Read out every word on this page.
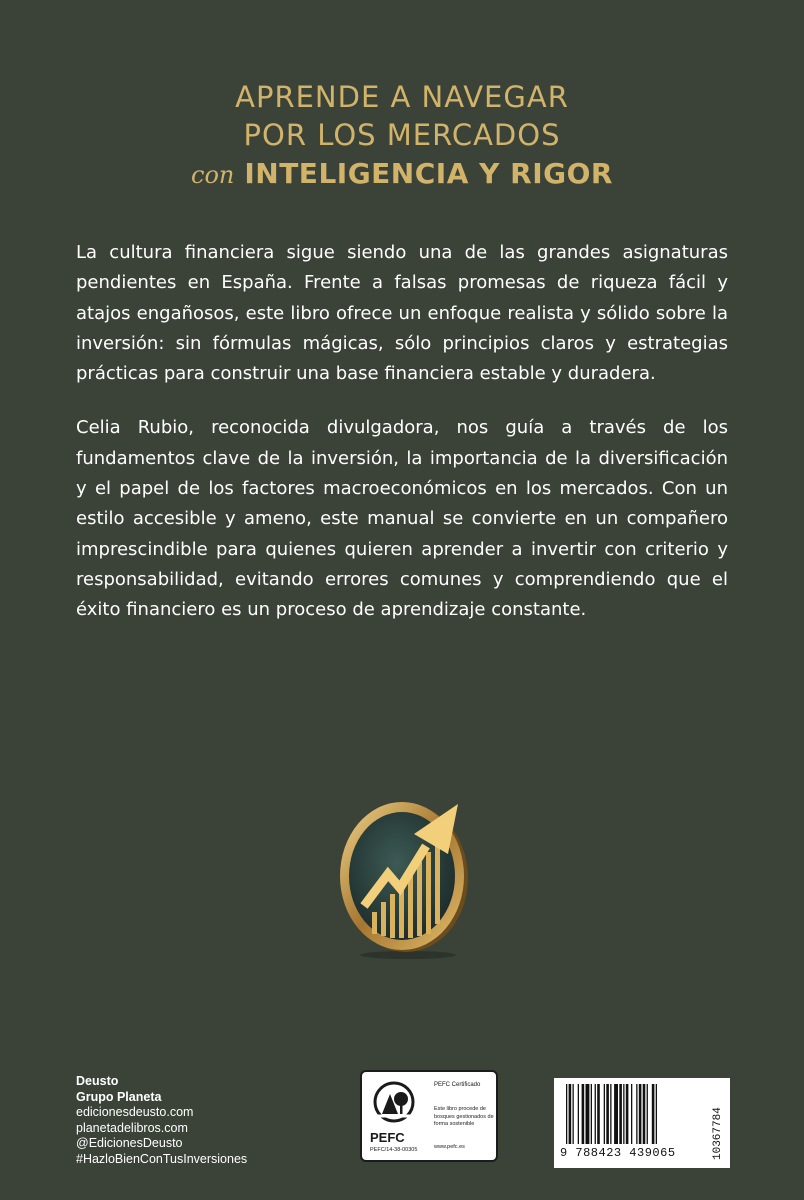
APRENDE A NAVEGAR
POR LOS MERCADOS
con INTELIGENCIA Y RIGOR

La cultura financiera sigue siendo una de las grandes asignaturas pendientes en España. Frente a falsas promesas de riqueza fácil y atajos engañosos, este libro ofrece un enfoque realista y sólido sobre la inversión: sin fórmulas mágicas, sólo principios claros y estrategias prácticas para construir una base financiera estable y duradera.

Celia Rubio, reconocida divulgadora, nos guía a través de los fundamentos clave de la inversión, la importancia de la diversificación y el papel de los factores macroeconómicos en los mercados. Con un estilo accesible y ameno, este manual se convierte en un compañero imprescindible para quienes quieren aprender a invertir con criterio y responsabilidad, evitando errores comunes y comprendiendo que el éxito financiero es un proceso de aprendizaje constante.

Deusto
Grupo Planeta
edicionesdeusto.com
planetadelibros.com
@EdicionesDeusto
#HazloBienConTusInversiones
PEFC
PEFC/14-38-00305
PEFC Certificado
Este libro procede de bosques gestionados de forma sostenible
www.pefc.es	9 788423 439065	10367784
